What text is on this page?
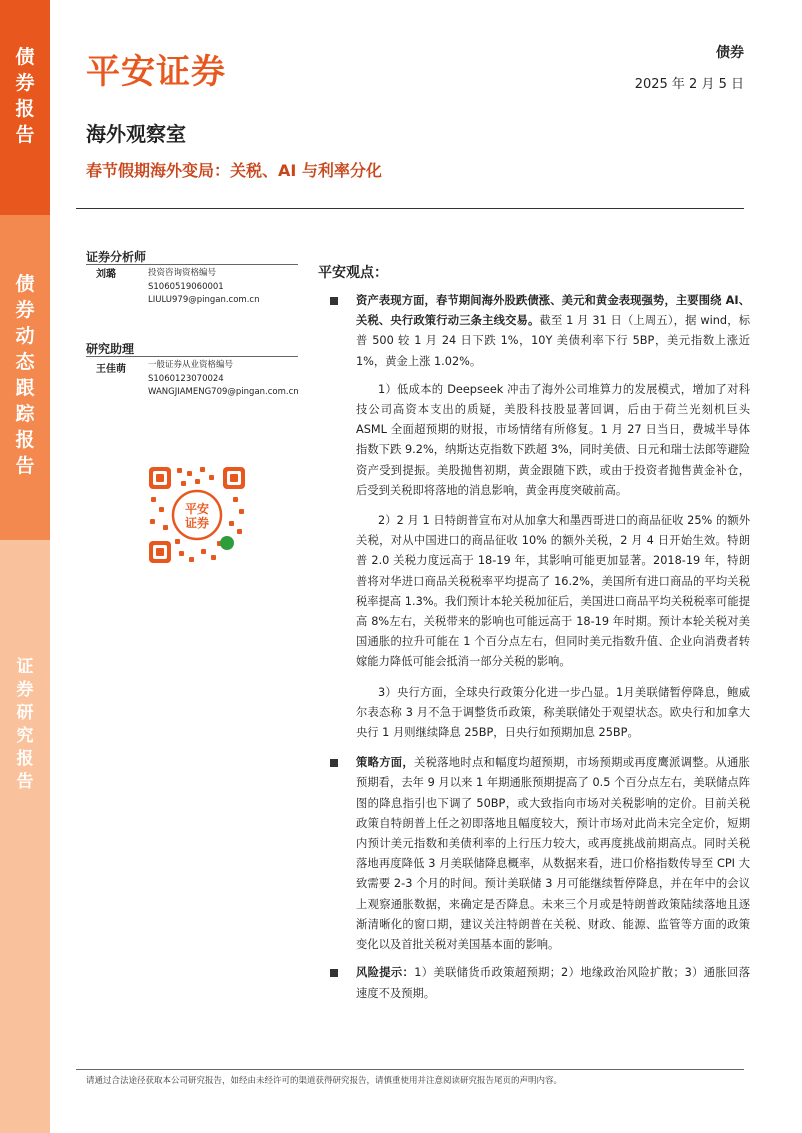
债
券
报
告
债
券
动
态
跟
踪
报
告
证
券
研
究
报
告
平安证券	债券
2025 年 2 月 5 日
海外观察室
春节假期海外变局：关税、AI 与利率分化
证券分析师
刘璐	投资咨询资格编号
S1060519060001
LIULU979@pingan.com.cn
研究助理
王佳萌	一般证券从业资格编号
S1060123070024
WANGJIAMENG709@pingan.com.cn
平安
证券
平安观点：
资产表现方面，春节期间海外股跌债涨、美元和黄金表现强势，主要围绕 AI、关税、央行政策行动三条主线交易。截至 1 月 31 日（上周五），据 wind，标普 500 较 1 月 24 日下跌 1%，10Y 美债利率下行 5BP，美元指数上涨近 1%，黄金上涨 1.02%。
1）低成本的 Deepseek 冲击了海外公司堆算力的发展模式，增加了对科技公司高资本支出的质疑，美股科技股显著回调，后由于荷兰光刻机巨头 ASML 全面超预期的财报，市场情绪有所修复。1 月 27 日当日，费城半导体指数下跌 9.2%，纳斯达克指数下跌超 3%，同时美债、日元和瑞士法郎等避险资产受到提振。美股抛售初期，黄金跟随下跌，或由于投资者抛售黄金补仓，后受到关税即将落地的消息影响，黄金再度突破前高。
2）2 月 1 日特朗普宣布对从加拿大和墨西哥进口的商品征收 25% 的额外关税，对从中国进口的商品征收 10% 的额外关税，2 月 4 日开始生效。特朗普 2.0 关税力度远高于 18-19 年，其影响可能更加显著。2018-19 年，特朗普将对华进口商品关税税率平均提高了 16.2%，美国所有进口商品的平均关税税率提高 1.3%。我们预计本轮关税加征后，美国进口商品平均关税税率可能提高 8%左右，关税带来的影响也可能远高于 18-19 年时期。预计本轮关税对美国通胀的拉升可能在 1 个百分点左右，但同时美元指数升值、企业向消费者转嫁能力降低可能会抵消一部分关税的影响。
3）央行方面，全球央行政策分化进一步凸显。1月美联储暂停降息，鲍威尔表态称 3 月不急于调整货币政策，称美联储处于观望状态。欧央行和加拿大央行 1 月则继续降息 25BP，日央行如预期加息 25BP。
策略方面，关税落地时点和幅度均超预期，市场预期或再度鹰派调整。从通胀预期看，去年 9 月以来 1 年期通胀预期提高了 0.5 个百分点左右，美联储点阵图的降息指引也下调了 50BP，或大致指向市场对关税影响的定价。目前关税政策自特朗普上任之初即落地且幅度较大，预计市场对此尚未完全定价，短期内预计美元指数和美债利率的上行压力较大，或再度挑战前期高点。同时关税落地再度降低 3 月美联储降息概率，从数据来看，进口价格指数传导至 CPI 大致需要 2-3 个月的时间。预计美联储 3 月可能继续暂停降息，并在年中的会议上观察通胀数据，来确定是否降息。未来三个月或是特朗普政策陆续落地且逐渐清晰化的窗口期，建议关注特朗普在关税、财政、能源、监管等方面的政策变化以及首批关税对美国基本面的影响。
风险提示：1）美联储货币政策超预期；2）地缘政治风险扩散；3）通胀回落速度不及预期。
请通过合法途径获取本公司研究报告，如经由未经许可的渠道获得研究报告，请慎重使用并注意阅读研究报告尾页的声明内容。
